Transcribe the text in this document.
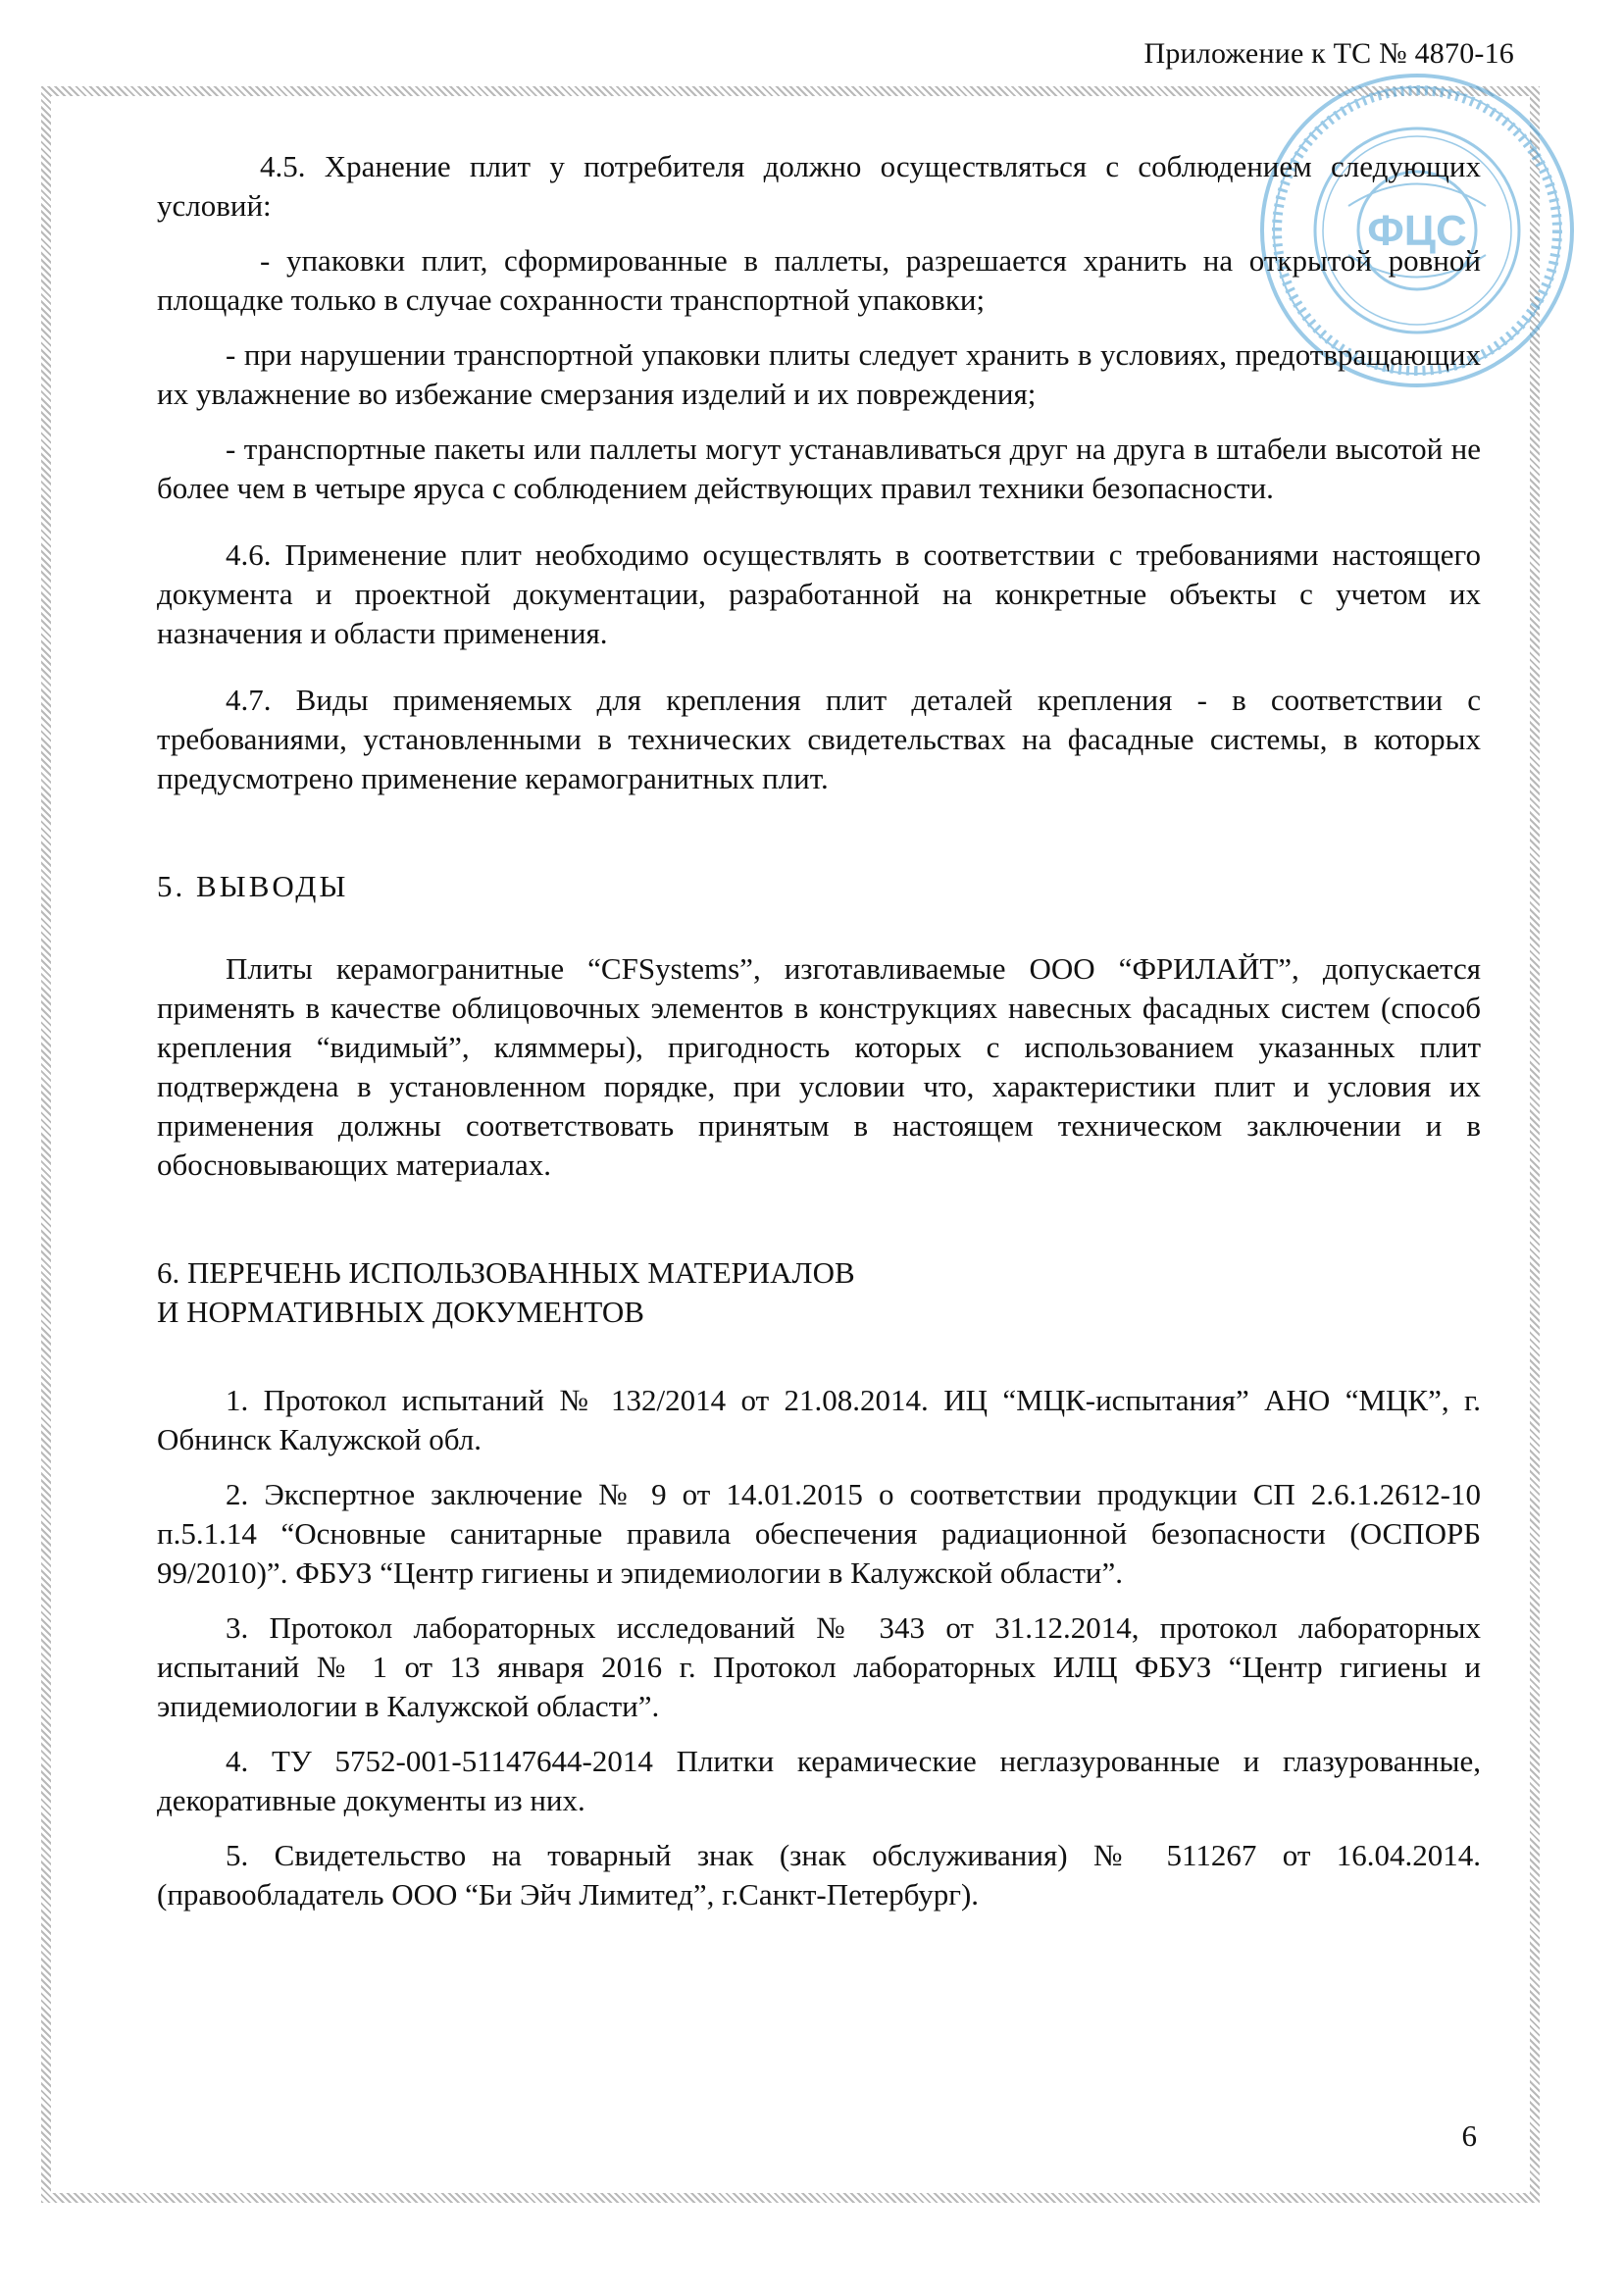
Приложение к ТС № 4870-16
ФЦС

4.5. Хранение плит у потребителя должно осуществляться с соблюдением следующих условий:

- упаковки плит, сформированные в паллеты, разрешается хранить на открытой ровной площадке только в случае сохранности транспортной упаковки;

- при нарушении транспортной упаковки плиты следует хранить в условиях, предотвращающих их увлажнение во избежание смерзания изделий и их повреждения;

- транспортные пакеты или паллеты могут устанавливаться друг на друга в штабели высотой не более чем в четыре яруса с соблюдением действующих правил техники безопасности.

4.6. Применение плит необходимо осуществлять в соответствии с требованиями настоящего документа и проектной документации, разработанной на конкретные объекты с учетом их назначения и области применения.

4.7. Виды применяемых для крепления плит деталей крепления - в соответствии с требованиями, установленными в технических свидетельствах на фасадные системы, в которых предусмотрено применение керамогранитных плит.

5. ВЫВОДЫ

Плиты керамогранитные “CFSystems”, изготавливаемые ООО “ФРИЛАЙТ”, допускается применять в качестве облицовочных элементов в конструкциях навесных фасадных систем (способ крепления “видимый”, кляммеры), пригодность которых с использованием указанных плит подтверждена в установленном порядке, при условии что, характеристики плит и условия их применения должны соответствовать принятым в настоящем техническом заключении и в обосновывающих материалах.

6. ПЕРЕЧЕНЬ ИСПОЛЬЗОВАННЫХ МАТЕРИАЛОВ

И НОРМАТИВНЫХ ДОКУМЕНТОВ

1. Протокол испытаний № 132/2014 от 21.08.2014. ИЦ “МЦК-испытания” АНО “МЦК”, г. Обнинск Калужской обл.

2. Экспертное заключение № 9 от 14.01.2015 о соответствии продукции СП 2.6.1.2612-10 п.5.1.14 “Основные санитарные правила обеспечения радиационной безопасности (ОСПОРБ 99/2010)”. ФБУЗ “Центр гигиены и эпидемиологии в Калужской области”.

3. Протокол лабораторных исследований № 343 от 31.12.2014, протокол лабораторных испытаний № 1 от 13 января 2016 г. Протокол лабораторных ИЛЦ ФБУЗ “Центр гигиены и эпидемиологии в Калужской области”.

4. ТУ 5752-001-51147644-2014 Плитки керамические неглазурованные и глазурованные, декоративные документы из них.

5. Свидетельство на товарный знак (знак обслуживания) № 511267 от 16.04.2014. (правообладатель ООО “Би Эйч Лимитед”, г.Санкт-Петербург).

6
